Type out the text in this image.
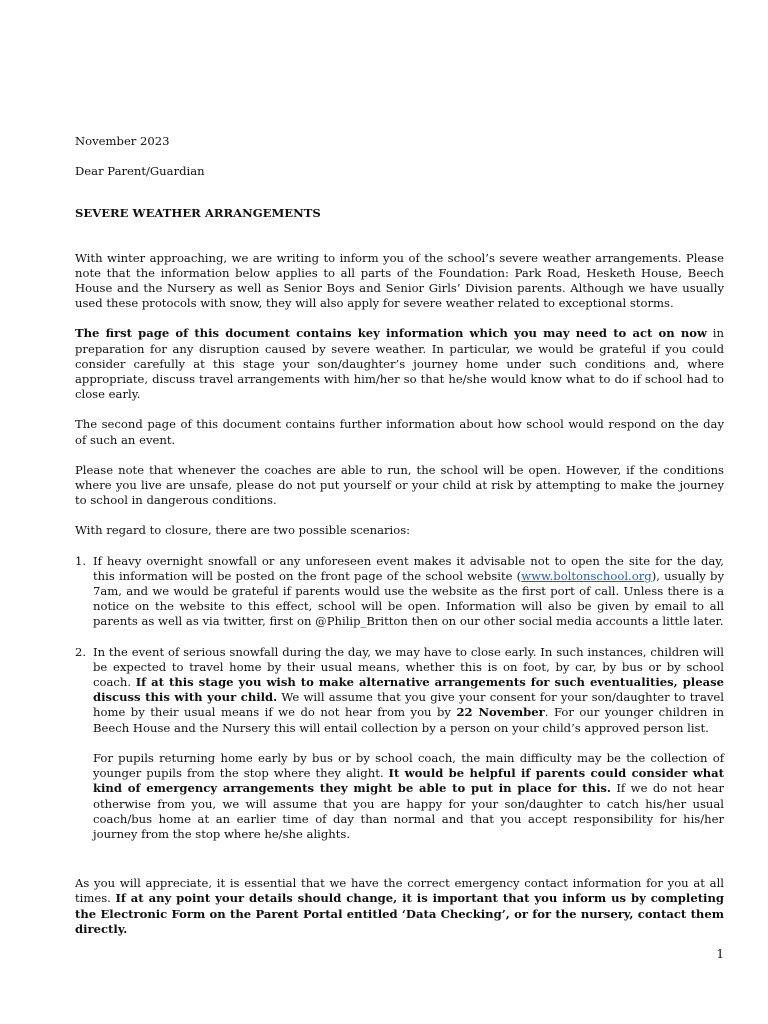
November 2023

Dear Parent/Guardian

SEVERE WEATHER ARRANGEMENTS

With winter approaching, we are writing to inform you of the school’s severe weather arrangements. Please note that the information below applies to all parts of the Foundation: Park Road, Hesketh House, Beech House and the Nursery as well as Senior Boys and Senior Girls’ Division parents. Although we have usually used these protocols with snow, they will also apply for severe weather related to exceptional storms.

The first page of this document contains key information which you may need to act on now in preparation for any disruption caused by severe weather. In particular, we would be grateful if you could consider carefully at this stage your son/daughter’s journey home under such conditions and, where appropriate, discuss travel arrangements with him/her so that he/she would know what to do if school had to close early.

The second page of this document contains further information about how school would respond on the day of such an event.

Please note that whenever the coaches are able to run, the school will be open. However, if the conditions where you live are unsafe, please do not put yourself or your child at risk by attempting to make the journey to school in dangerous conditions.

With regard to closure, there are two possible scenarios:

1. If heavy overnight snowfall or any unforeseen event makes it advisable not to open the site for the day, this information will be posted on the front page of the school website (www.boltonschool.org), usually by 7am, and we would be grateful if parents would use the website as the first port of call. Unless there is a notice on the website to this effect, school will be open. Information will also be given by email to all parents as well as via twitter, first on @Philip_Britton then on our other social media accounts a little later.

2. In the event of serious snowfall during the day, we may have to close early. In such instances, children will be expected to travel home by their usual means, whether this is on foot, by car, by bus or by school coach. If at this stage you wish to make alternative arrangements for such eventualities, please discuss this with your child. We will assume that you give your consent for your son/daughter to travel home by their usual means if we do not hear from you by 22 November. For our younger children in Beech House and the Nursery this will entail collection by a person on your child’s approved person list.

For pupils returning home early by bus or by school coach, the main difficulty may be the collection of younger pupils from the stop where they alight. It would be helpful if parents could consider what kind of emergency arrangements they might be able to put in place for this. If we do not hear otherwise from you, we will assume that you are happy for your son/daughter to catch his/her usual coach/bus home at an earlier time of day than normal and that you accept responsibility for his/her journey from the stop where he/she alights.

As you will appreciate, it is essential that we have the correct emergency contact information for you at all times. If at any point your details should change, it is important that you inform us by completing the Electronic Form on the Parent Portal entitled ‘Data Checking’, or for the nursery, contact them directly.

1
